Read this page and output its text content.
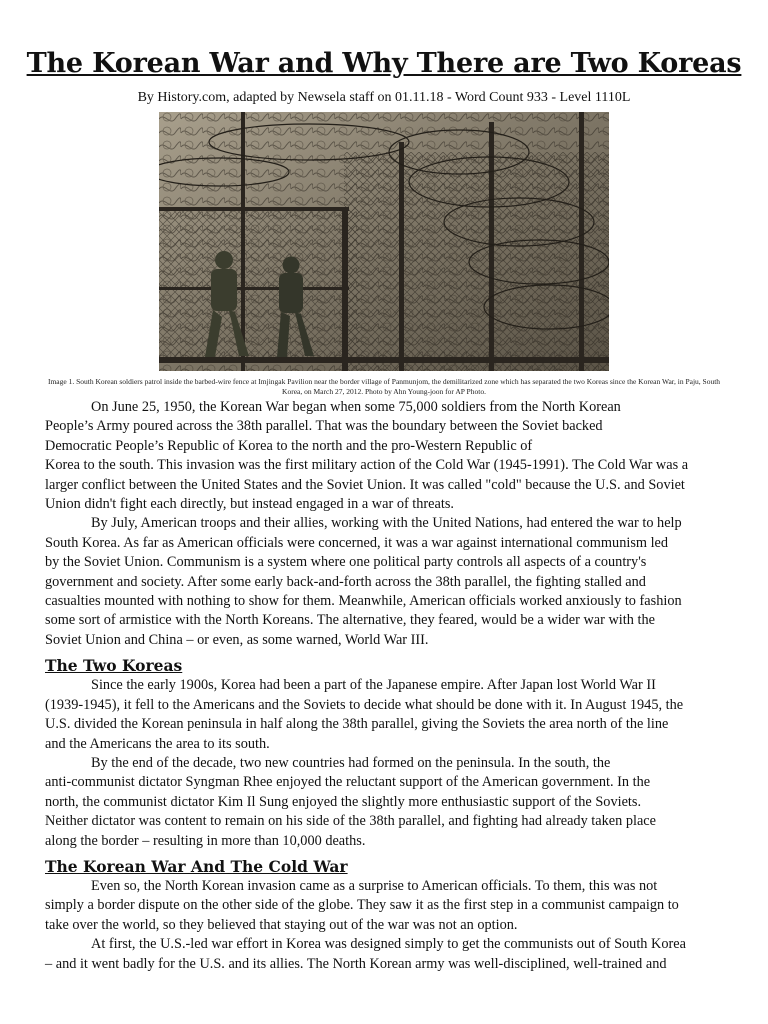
The Korean War and Why There are Two Koreas
By History.com, adapted by Newsela staff on 01.11.18 - Word Count 933 - Level 1110L
Image 1. South Korean soldiers patrol inside the barbed-wire fence at Imjingak Pavilion near the border village of Panmunjom, the demilitarized zone which has separated the two Koreas since the Korean War, in Paju, South Korea, on March 27, 2012. Photo by Ahn Young-joon for AP Photo.

On June 25, 1950, the Korean War began when some 75,000 soldiers from the North Korean

People’s Army poured across the 38th parallel. That was the boundary between the Soviet backed
Democratic People’s Republic of Korea to the north and the pro-Western Republic of
Korea to the south. This invasion was the first military action of the Cold War (1945-1991). The Cold War was a
larger conflict between the United States and the Soviet Union. It was called "cold" because the U.S. and Soviet
Union didn't fight each directly, but instead engaged in a war of threats.

By July, American troops and their allies, working with the United Nations, had entered the war to help

South Korea. As far as American officials were concerned, it was a war against international communism led
by the Soviet Union. Communism is a system where one political party controls all aspects of a country's
government and society. After some early back-and-forth across the 38th parallel, the fighting stalled and
casualties mounted with nothing to show for them. Meanwhile, American officials worked anxiously to fashion
some sort of armistice with the North Koreans. The alternative, they feared, would be a wider war with the
Soviet Union and China – or even, as some warned, World War III.

The Two Koreas

Since the early 1900s, Korea had been a part of the Japanese empire. After Japan lost World War II

(1939-1945), it fell to the Americans and the Soviets to decide what should be done with it. In August 1945, the
U.S. divided the Korean peninsula in half along the 38th parallel, giving the Soviets the area north of the line
and the Americans the area to its south.

By the end of the decade, two new countries had formed on the peninsula. In the south, the

anti-communist dictator Syngman Rhee enjoyed the reluctant support of the American government. In the
north, the communist dictator Kim Il Sung enjoyed the slightly more enthusiastic support of the Soviets.
Neither dictator was content to remain on his side of the 38th parallel, and fighting had already taken place
along the border – resulting in more than 10,000 deaths.

The Korean War And The Cold War

Even so, the North Korean invasion came as a surprise to American officials. To them, this was not

simply a border dispute on the other side of the globe. They saw it as the first step in a communist campaign to
take over the world, so they believed that staying out of the war was not an option.

At first, the U.S.-led war effort in Korea was designed simply to get the communists out of South Korea

– and it went badly for the U.S. and its allies. The North Korean army was well-disciplined, well-trained and
